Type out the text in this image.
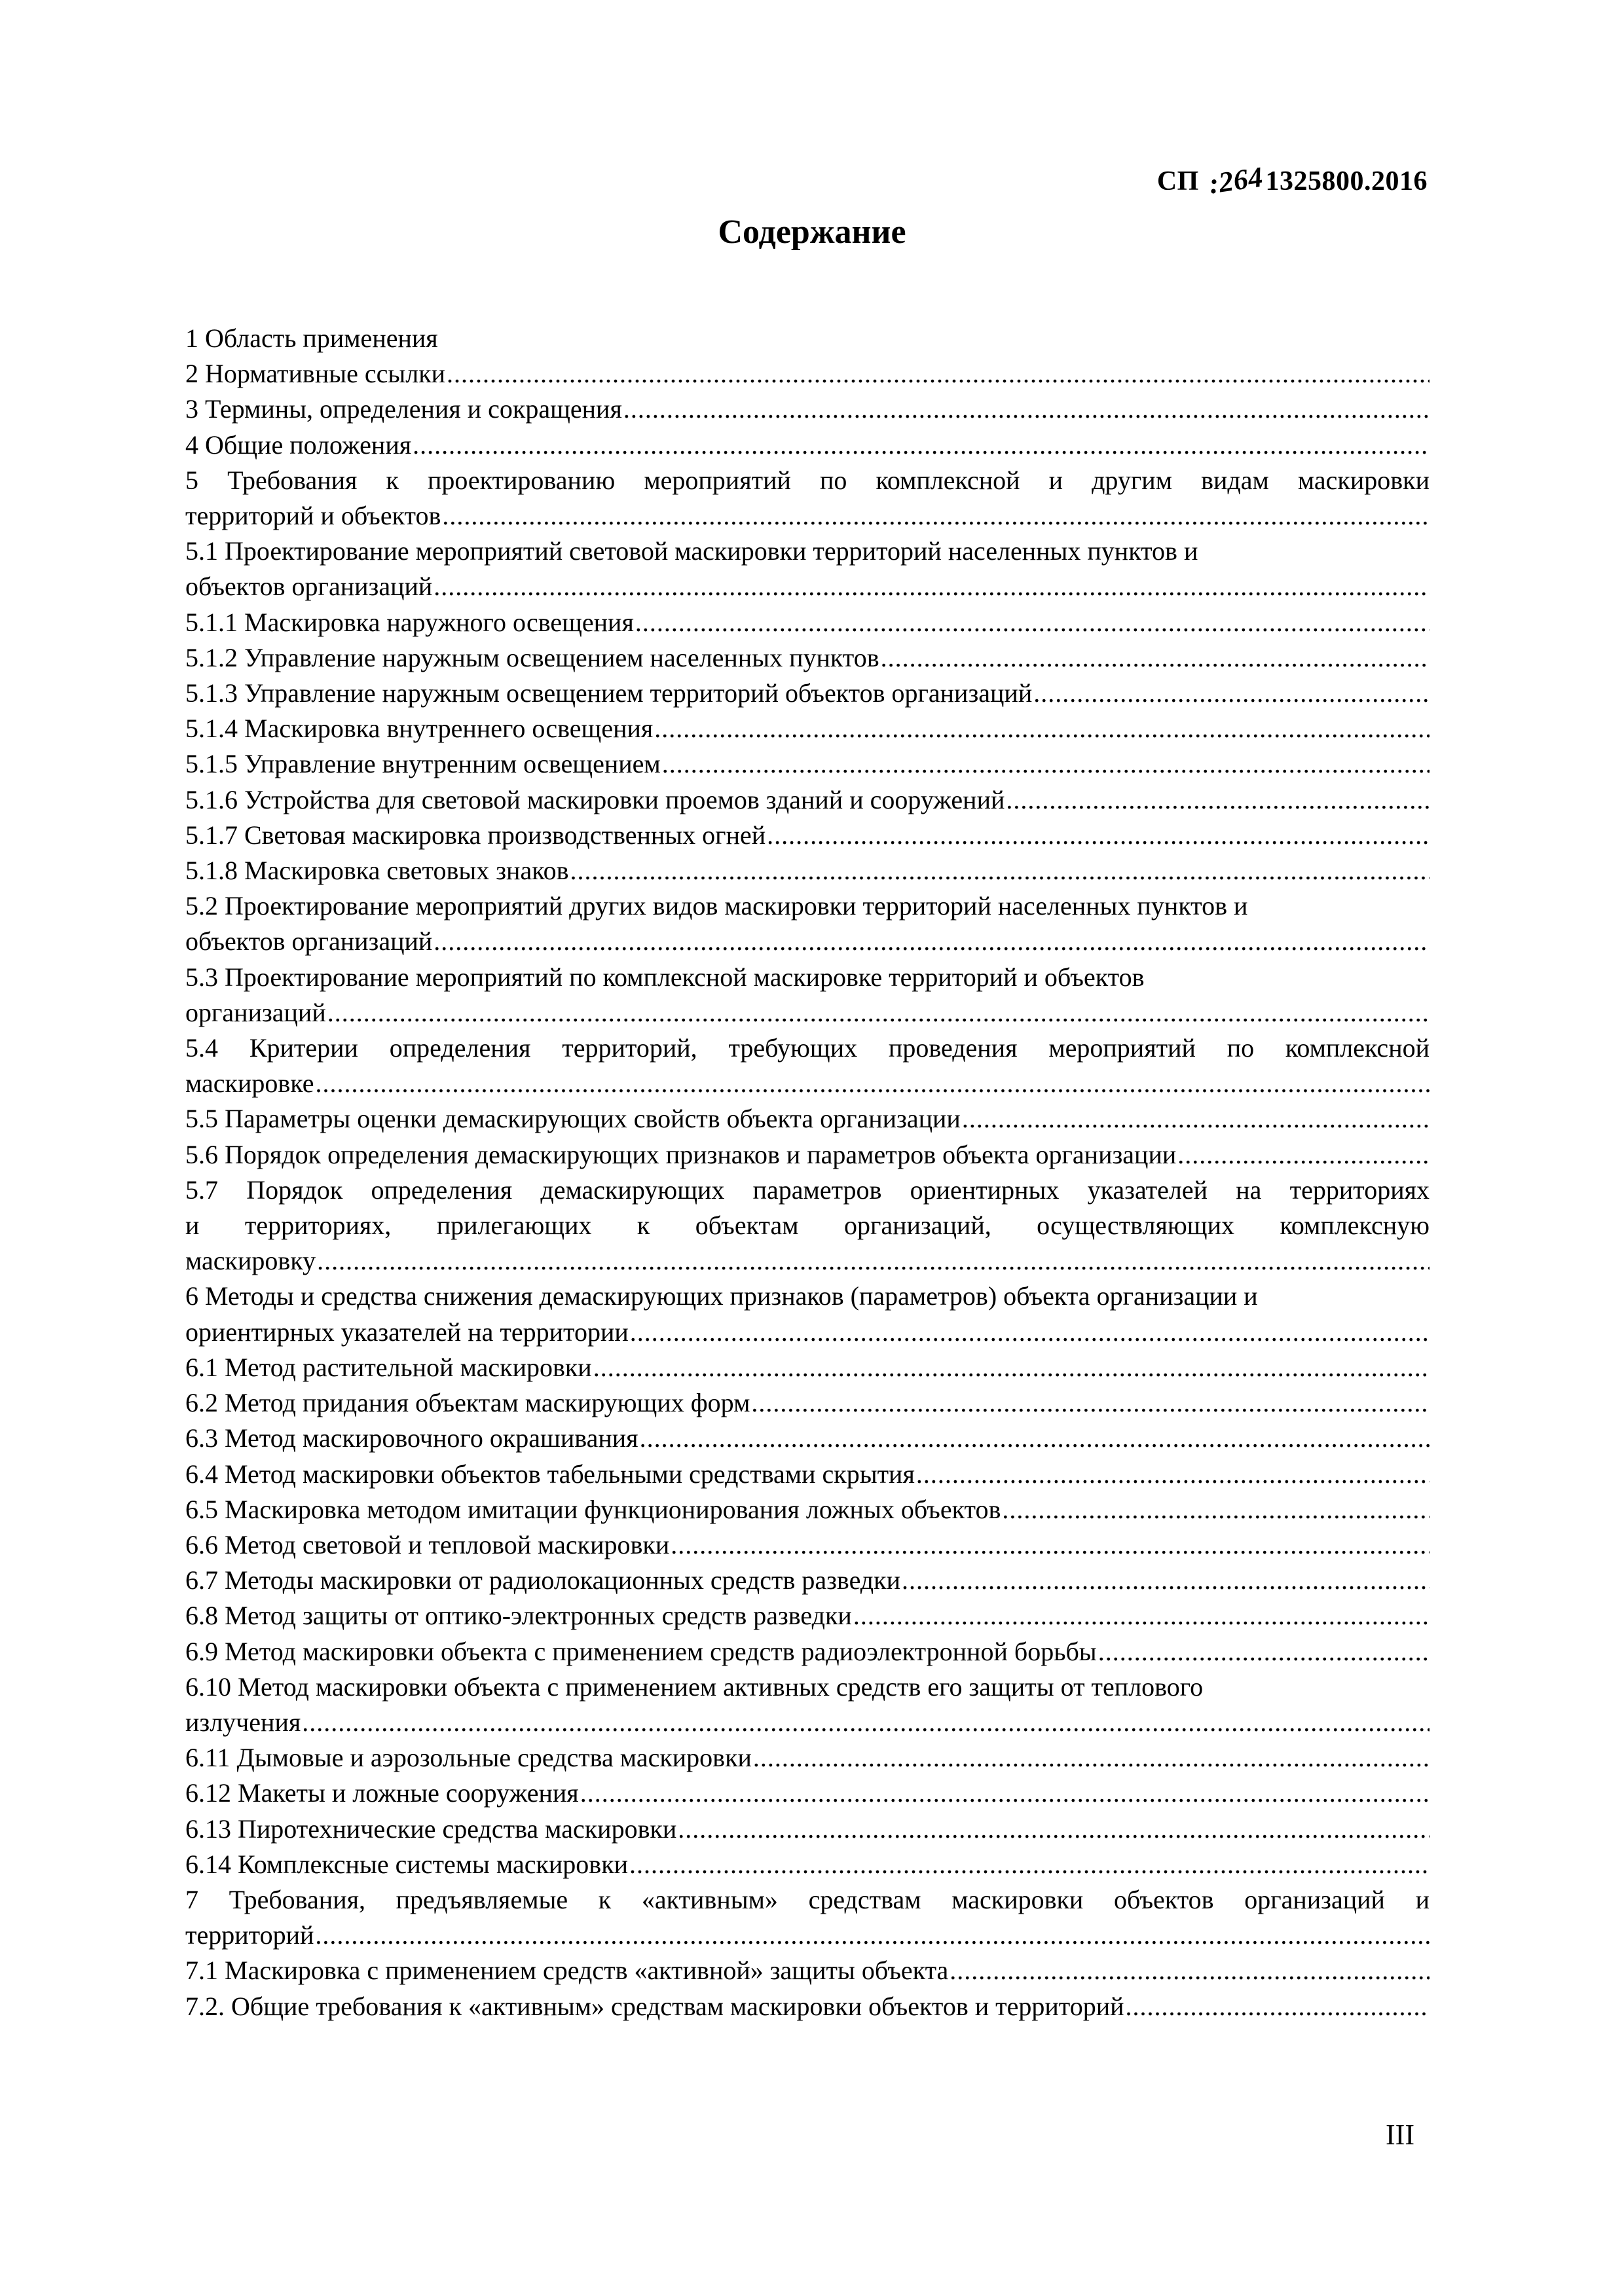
СП :2641325800.2016
Содержание
1 Область применения
2 Нормативные ссылки
.....
3 Термины, определения и сокращения
.....
4 Общие положения
.....
5 Требования к проектированию мероприятий по комплексной и другим видам маскировки
территорий и объектов
.....
5.1 Проектирование мероприятий световой маскировки территорий населенных пунктов и
объектов организаций
.....
5.1.1 Маскировка наружного освещения
.....
5.1.2 Управление наружным освещением населенных пунктов
.....
5.1.3 Управление наружным освещением территорий объектов организаций
.....
5.1.4 Маскировка внутреннего освещения
.....
5.1.5 Управление внутренним освещением
.....
5.1.6 Устройства для световой маскировки проемов зданий и сооружений
.....
5.1.7 Световая маскировка производственных огней
.....
5.1.8 Маскировка световых знаков
.....
5.2 Проектирование мероприятий других видов маскировки территорий населенных пунктов и
объектов организаций
.....
5.3 Проектирование мероприятий по комплексной маскировке территорий и объектов
организаций
.....
5.4 Критерии определения территорий, требующих проведения мероприятий по комплексной
маскировке
.....
5.5 Параметры оценки демаскирующих свойств объекта организации
.....
5.6 Порядок определения демаскирующих признаков и параметров объекта организации
.....
5.7 Порядок определения демаскирующих параметров ориентирных указателей на территориях
и территориях, прилегающих к объектам организаций, осуществляющих комплексную
маскировку
.....
6 Методы и средства снижения демаскирующих признаков (параметров) объекта организации и
ориентирных указателей на территории
.....
6.1 Метод растительной маскировки
.....
6.2 Метод придания объектам маскирующих форм
.....
6.3 Метод маскировочного окрашивания
.....
6.4 Метод маскировки объектов табельными средствами скрытия
.....
6.5 Маскировка методом имитации функционирования ложных объектов
.....
6.6 Метод световой и тепловой маскировки
.....
6.7 Методы маскировки от радиолокационных средств разведки
.....
6.8 Метод защиты от оптико-электронных средств разведки
.....
6.9 Метод маскировки объекта с применением средств радиоэлектронной борьбы
.....
6.10 Метод маскировки объекта с применением активных средств его защиты от теплового
излучения
.....
6.11 Дымовые и аэрозольные средства маскировки
.....
6.12 Макеты и ложные сооружения
.....
6.13 Пиротехнические средства маскировки
.....
6.14 Комплексные системы маскировки
.....
7 Требования, предъявляемые к «активным» средствам маскировки объектов организаций и
территорий
.....
7.1 Маскировка с применением средств «активной» защиты объекта
.....
7.2. Общие требования к «активным» средствам маскировки объектов и территорий
.....
III
